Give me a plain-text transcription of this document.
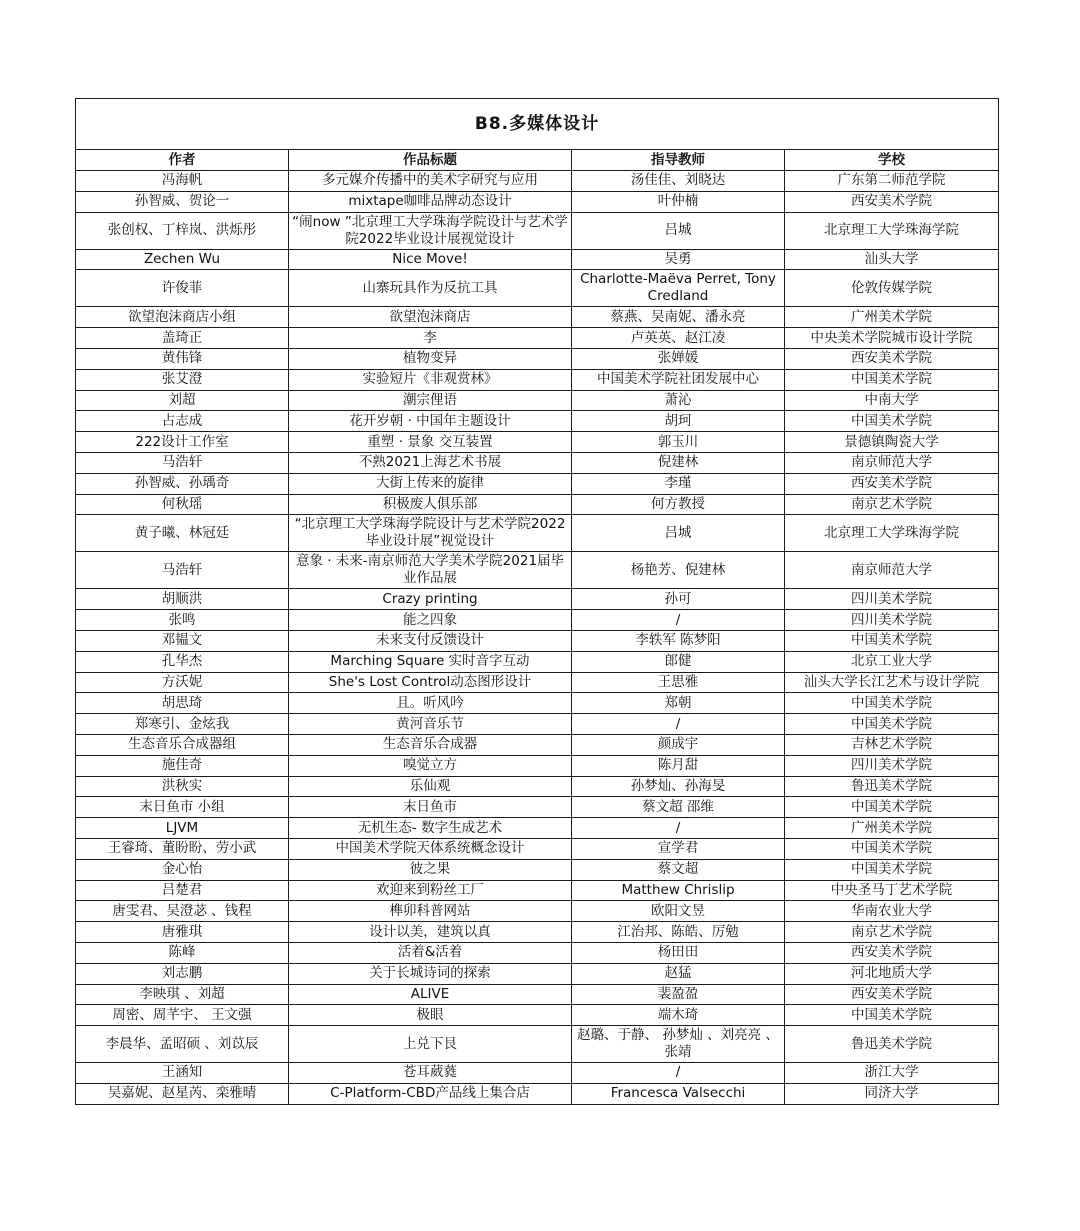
B8.多媒体设计			
作者	作品标题	指导教师	学校
冯海帆	多元媒介传播中的美术字研究与应用	汤佳佳、刘晓达	广东第二师范学院
孙智威、贺论一	mixtape咖啡品牌动态设计	叶仲楠	西安美术学院
张创权、丁梓岚、洪烁彤	“闹now ”北京理工大学珠海学院设计与艺术学院2022毕业设计展视觉设计	吕城	北京理工大学珠海学院
Zechen Wu	Nice Move!	吴勇	汕头大学
许俊菲	山寨玩具作为反抗工具	Charlotte-Maëva Perret, Tony Credland	伦敦传媒学院
欲望泡沫商店小组	欲望泡沫商店	蔡燕、吴南妮、潘永亮	广州美术学院
盖琦正	李	卢英英、赵江凌	中央美术学院城市设计学院
黄伟锋	植物变异	张婵媛	西安美术学院
张艾澄	实验短片《非观赏林》	中国美术学院社团发展中心	中国美术学院
刘超	潮宗俚语	萧沁	中南大学
占志成	花开岁朝 · 中国年主题设计	胡珂	中国美术学院
222设计工作室	重塑 · 景象 交互装置	郭玉川	景德镇陶瓷大学
马浩轩	不熟2021上海艺术书展	倪建林	南京师范大学
孙智威、孙瑀奇	大街上传来的旋律	李瑾	西安美术学院
何秋瑶	积极废人俱乐部	何方教授	南京艺术学院
黄子曦、林冠廷	“北京理工大学珠海学院设计与艺术学院2022毕业设计展”视觉设计	吕城	北京理工大学珠海学院
马浩轩	意象 · 未来-南京师范大学美术学院2021届毕业作品展	杨艳芳、倪建林	南京师范大学
胡顺洪	Crazy printing	孙可	四川美术学院
张鸣	能之四象	/	四川美术学院
邓韫文	未来支付反馈设计	李轶军 陈梦阳	中国美术学院
孔华杰	Marching Square 实时音字互动	郎健	北京工业大学
方沃妮	She's Lost Control动态图形设计	王思雅	汕头大学长江艺术与设计学院
胡思琦	且。听风吟	郑朝	中国美术学院
郑寒引、金炫我	黄河音乐节	/	中国美术学院
生态音乐合成器组	生态音乐合成器	颜成宇	吉林艺术学院
施佳奇	嗅觉立方	陈月甜	四川美术学院
洪秋实	乐仙观	孙梦灿、孙海旻	鲁迅美术学院
末日鱼市 小组	末日鱼市	蔡文超 邵维	中国美术学院
LJVM	无机生态- 数字生成艺术	/	广州美术学院
王睿琦、董盼盼、劳小武	中国美术学院天体系统概念设计	宣学君	中国美术学院
金心怡	彼之果	蔡文超	中国美术学院
吕楚君	欢迎来到粉丝工厂	Matthew Chrislip	中央圣马丁艺术学院
唐雯君、吴澄苾 、钱程	榫卯科普网站	欧阳文昱	华南农业大学
唐雅琪	设计以美，建筑以真	江治邦、陈皓、厉勉	南京艺术学院
陈峰	活着&活着	杨田田	西安美术学院
刘志鹏	关于长城诗词的探索	赵猛	河北地质大学
李映琪 、刘超	ALIVE	裴盈盈	西安美术学院
周密、周芊宇、 王文强	极眼	端木琦	中国美术学院
李晨华、孟昭硕 、刘苡辰	上兑下艮	赵璐、于静、 孙梦灿 、刘亮亮 、张靖	鲁迅美术学院
王涵知	苍耳葳蕤	/	浙江大学
吴嘉妮、赵星芮、栾雅晴	C-Platform-CBD产品线上集合店	Francesca Valsecchi	同济大学
